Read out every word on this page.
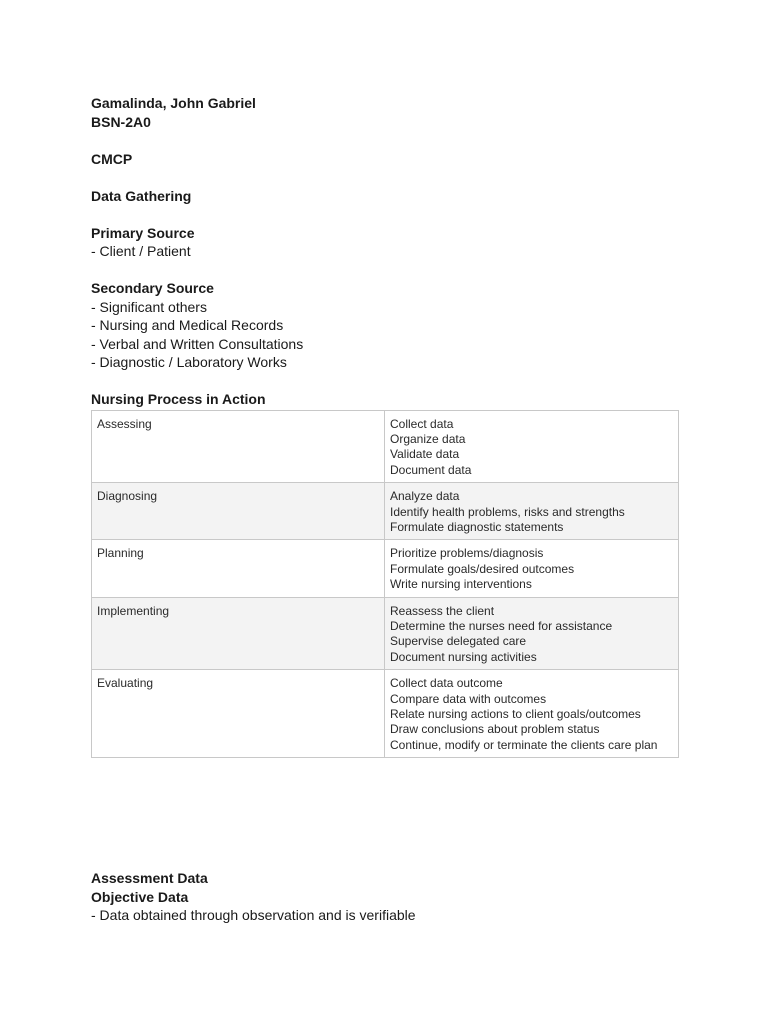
Gamalinda, John Gabriel

BSN-2A0

CMCP

Data Gathering

Primary Source

- Client / Patient

Secondary Source

- Significant others

- Nursing and Medical Records

- Verbal and Written Consultations

- Diagnostic / Laboratory Works

Nursing Process in Action

Assessing	Collect data
Organize data
Validate data
Document data

Diagnosing	Analyze data
Identify health problems, risks and strengths
Formulate diagnostic statements

Planning	Prioritize problems/diagnosis
Formulate goals/desired outcomes
Write nursing interventions

Implementing	Reassess the client
Determine the nurses need for assistance
Supervise delegated care
Document nursing activities

Evaluating	Collect data outcome
Compare data with outcomes
Relate nursing actions to client goals/outcomes
Draw conclusions about problem status
Continue, modify or terminate the clients care plan

Assessment Data

Objective Data

- Data obtained through observation and is verifiable
